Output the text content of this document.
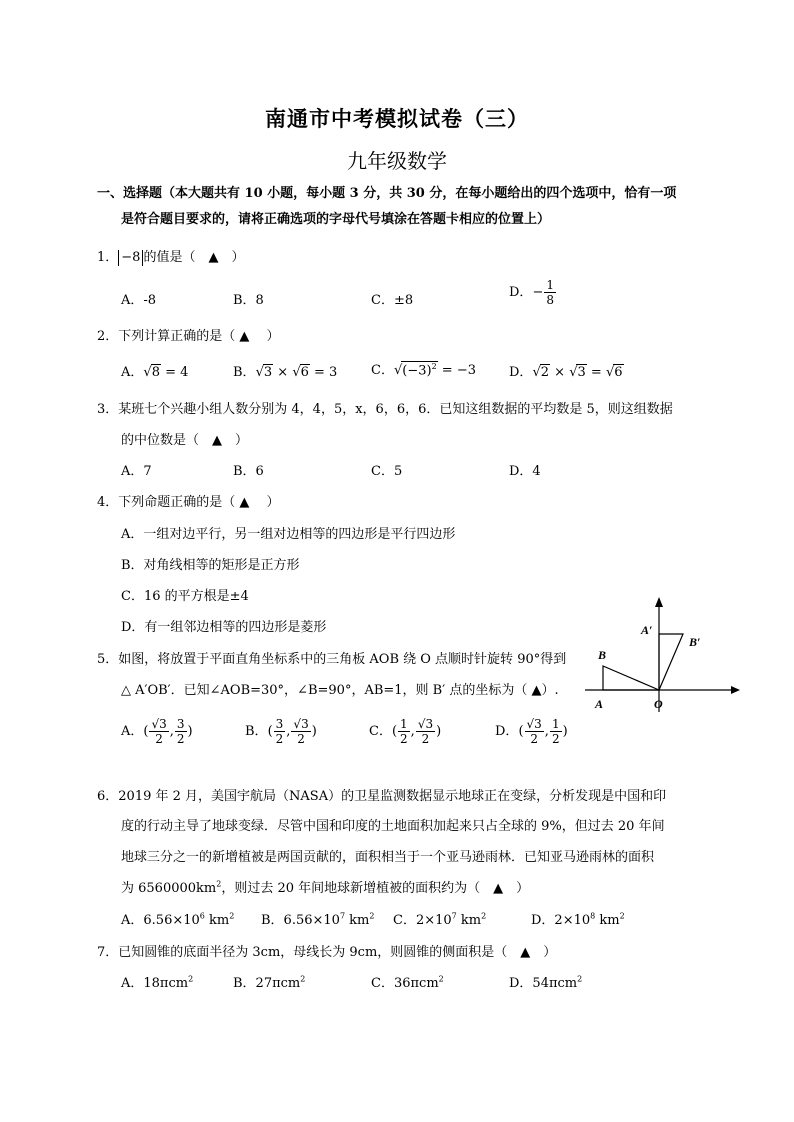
南通市中考模拟试卷（三）
九年级数学
一、选择题（本大题共有 10 小题，每小题 3 分，共 30 分，在每小题给出的四个选项中，恰有一项
是符合题目要求的，请将正确选项的字母代号填涂在答题卡相应的位置上）
1． −8 的值是（　▲　）
A．-8	B．8	C．±8
D．− $\frac{1}{8}$
2．下列计算正确的是（ ▲　 ）
A．√8 = 4	B．√3 × √6 = 3	C．$√(-3)^2 = -3$	D．√2 × √3 = √6
3．某班七个兴趣小组人数分别为 4，4，5，x，6，6，6．已知这组数据的平均数是 5，则这组数据
的中位数是（　▲　）
A．7	B．6	C．5	D．4
4．下列命题正确的是（ ▲　 ）
A．一组对边平行，另一组对边相等的四边形是平行四边形
B．对角线相等的矩形是正方形
C．16 的平方根是±4
D．有一组邻边相等的四边形是菱形	A′
B′
B
A	O
5．如图，将放置于平面直角坐标系中的三角板 AOB 绕 O 点顺时针旋转 90°得到
△ A′OB′．已知∠AOB=30°，∠B=90°，AB=1，则 B′ 点的坐标为（ ▲）.
A．( $\frac{√3}{2}$ , $\frac{3}{2}$ )	B．( $\frac{3}{2}$ , $\frac{√3}{2}$ )	C．( $\frac{1}{2}$ , $\frac{√3}{2}$ )	D．( $\frac{√3}{2}$ , $\frac{1}{2}$ )
6．2019 年 2 月，美国宇航局（NASA）的卫星监测数据显示地球正在变绿，分析发现是中国和印
度的行动主导了地球变绿．尽管中国和印度的土地面积加起来只占全球的 9%，但过去 20 年间
地球三分之一的新增植被是两国贡献的，面积相当于一个亚马逊雨林．已知亚马逊雨林的面积
为 $6560000km^2$，则过去 20 年间地球新增植被的面积约为（　▲　）
A．$6.56\times 10^6$ $km^2$ B．$6.56\times 10^7$ $km^2$ C．$2\times 10^7$ $km^2$	D．$2\times 10^8$ $km^2$
7．已知圆锥的底面半径为 3cm，母线长为 9cm，则圆锥的侧面积是（　▲　）
A．18πcm$^2$	B．27πcm$^2$	C．36πcm$^2$	D．54πcm$^2$
